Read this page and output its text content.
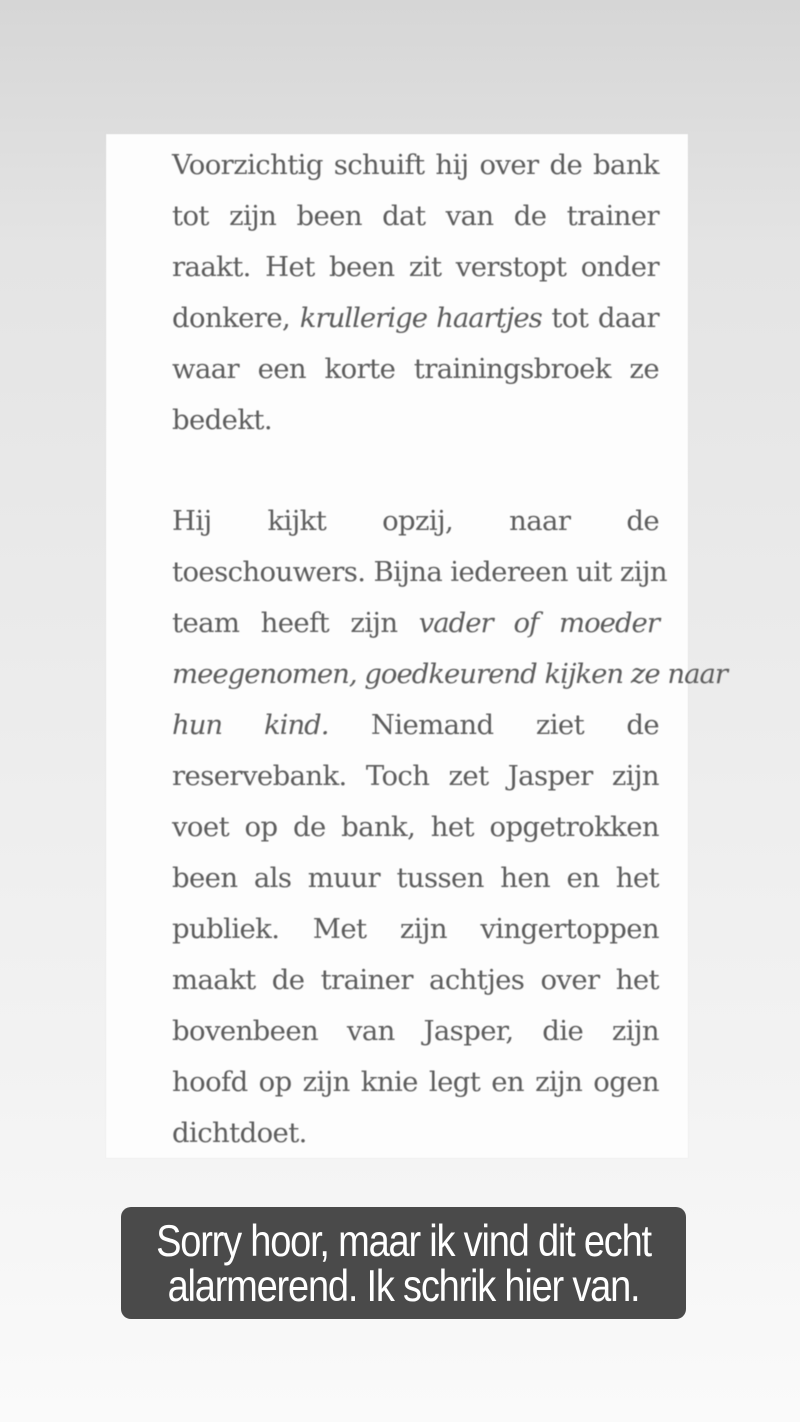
Voorzichtig schuift hij over de bank
tot zijn been dat van de trainer
raakt. Het been zit verstopt onder
donkere, krullerige haartjes tot daar
waar een korte trainingsbroek ze
bedekt.
Hij kijkt opzij, naar de
toeschouwers. Bijna iedereen uit zijn
team heeft zijn vader of moeder
meegenomen, goedkeurend kijken ze naar
hun kind. Niemand ziet de
reservebank. Toch zet Jasper zijn
voet op de bank, het opgetrokken
been als muur tussen hen en het
publiek. Met zijn vingertoppen
maakt de trainer achtjes over het
bovenbeen van Jasper, die zijn
hoofd op zijn knie legt en zijn ogen
dichtdoet.
Sorry hoor, maar ik vind dit echt
alarmerend. Ik schrik hier van.
